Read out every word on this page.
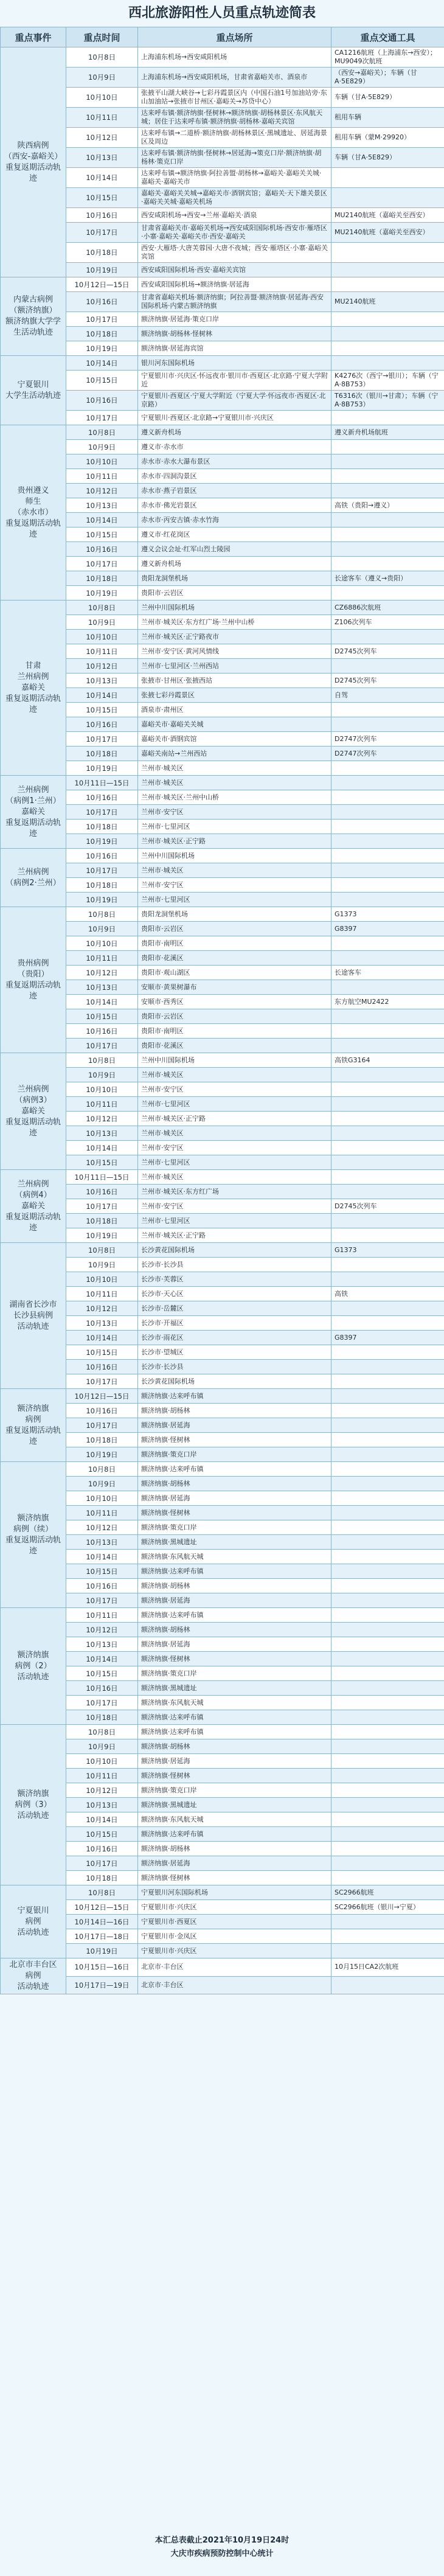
西北旅游阳性人员重点轨迹简表
重点事件	重点时间	重点场所	重点交通工具
陕西病例
（西安-嘉峪关）
重复返期活动轨迹	10月8日	上海浦东机场→西安咸阳机场	CA1216航班（上海浦东→西安）；MU9049次航班
	10月9日	上海浦东机场→西安咸阳机场，甘肃省嘉峪关市、酒泉市	（西安→嘉峪关）；车辆（甘A·5E829）
	10月10日	张掖平山湖大峡谷→七彩丹霞景区内（中国石油1号加油站旁·东山加油站→张掖市甘州区·嘉峪关→苏贷中心）	车辆（甘A·5E829）
	10月11日	达来呼布镇·额济纳旗·怪树林→额济纳旗·胡杨林景区·东风航天城；居住于达来呼布镇·额济纳旗·胡杨林·嘉峪关宾馆	租用车辆
	10月12日	达来呼布镇→二道桥·额济纳旗·胡杨林景区·黑城遗址、居延海景区及周边	租用车辆（蒙M·29920）
	10月13日	达来呼布镇·额济纳旗·怪树林→居延海→策克口岸·额济纳旗·胡杨林·策克口岸	车辆（甘A·5E829）
	10月14日	达来呼布镇→额济纳旗·阿拉善盟·胡杨林→嘉峪关·嘉峪关关城·嘉峪关·嘉峪关市	
	10月15日	嘉峪关·嘉峪关关城→嘉峪关市·酒钢宾馆；嘉峪关·天下雄关景区·嘉峪关关城·嘉峪关机场	
	10月16日	西安咸阳机场→西安→兰州·嘉峪关·酒泉	MU2140航班（嘉峪关至西安）
	10月17日	甘肃省嘉峪关市·嘉峪关机场→西安咸阳国际机场·西安市·雁塔区·小寨·嘉峪关·嘉峪关市·西安·嘉峪关	MU2140航班（嘉峪关至西安）
	10月18日	西安·大雁塔·大唐芙蓉园·大唐不夜城；西安·雁塔区·小寨·嘉峪关宾馆	
	10月19日	西安咸阳国际机场·西安·嘉峪关宾馆	
内蒙古病例
（额济纳旗）
额济纳旗大学学
生活动轨迹	10月12日—15日	西安咸阳国际机场→额济纳旗·居延海	
	10月16日	甘肃省嘉峪关机场·额济纳旗；阿拉善盟·额济纳旗·居延海·西安国际机场·内蒙古额济纳旗	MU2140航班
	10月17日	额济纳旗·居延海·策克口岸	
	10月18日	额济纳旗·胡杨林·怪树林	
	10月19日	额济纳旗·居延海宾馆	
宁夏银川
大学生活动轨迹	10月14日	银川河东国际机场	
	10月15日	宁夏银川市·兴庆区·怀远夜市·银川市·西夏区·北京路·宁夏大学附近	K4276次（西宁→银川）；车辆（宁A·8B753）
	10月16日	宁夏银川·西夏区·宁夏大学附近（宁夏大学·怀远夜市·西夏区·北京路）	T6316次（银川→甘肃）；车辆（宁A·8B753）
	10月17日	宁夏银川·西夏区·北京路→宁夏银川市·兴庆区	
贵州遵义
师生
（赤水市）
重复返期活动轨迹	10月8日	遵义新舟机场	遵义新舟机场航班
	10月9日	遵义市·赤水市	
	10月10日	赤水市·赤水大瀑布景区	
	10月11日	赤水市·四洞沟景区	
	10月12日	赤水市·燕子岩景区	
	10月13日	赤水市·佛光岩景区	高铁（贵阳→遵义）
	10月14日	赤水市·丙安古镇·赤水竹海	
	10月15日	遵义市·红花岗区	
	10月16日	遵义会议会址·红军山烈士陵园	
	10月17日	遵义新舟机场	
	10月18日	贵阳龙洞堡机场	长途客车（遵义→贵阳）
	10月19日	贵阳市·云岩区	
甘肃
兰州病例
嘉峪关
重复返期活动轨迹	10月8日	兰州中川国际机场	CZ6886次航班
	10月9日	兰州市·城关区·东方红广场·兰州中山桥	Z106次列车
	10月10日	兰州市·城关区·正宁路夜市	
	10月11日	兰州市·安宁区·黄河风情线	D2745次列车
	10月12日	兰州市·七里河区·兰州西站	
	10月13日	张掖市·甘州区·张掖西站	D2745次列车
	10月14日	张掖七彩丹霞景区	自驾
	10月15日	酒泉市·肃州区	
	10月16日	嘉峪关市·嘉峪关关城	
	10月17日	嘉峪关市·酒钢宾馆	D2747次列车
	10月18日	嘉峪关南站→兰州西站	D2747次列车
	10月19日	兰州市·城关区	
兰州病例
（病例1·兰州）
嘉峪关
重复返期活动轨迹	10月11日—15日	兰州市·城关区	
	10月16日	兰州市·城关区·兰州中山桥	
	10月17日	兰州市·安宁区	
	10月18日	兰州市·七里河区	
	10月19日	兰州市·城关区·正宁路	
兰州病例
（病例2·兰州）	10月16日	兰州中川国际机场	
	10月17日	兰州市·城关区	
	10月18日	兰州市·安宁区	
	10月19日	兰州市·七里河区	
贵州病例
（贵阳）
重复返期活动轨迹	10月8日	贵阳龙洞堡机场	G1373
	10月9日	贵阳市·云岩区	G8397
	10月10日	贵阳市·南明区	
	10月11日	贵阳市·花溪区	
	10月12日	贵阳市·观山湖区	长途客车
	10月13日	安顺市·黄果树瀑布	
	10月14日	安顺市·西秀区	东方航空MU2422
	10月15日	贵阳市·云岩区	
	10月16日	贵阳市·南明区	
	10月17日	贵阳市·花溪区	
兰州病例
（病例3）
嘉峪关
重复返期活动轨迹	10月8日	兰州中川国际机场	高铁G3164
	10月9日	兰州市·城关区	
	10月10日	兰州市·安宁区	
	10月11日	兰州市·七里河区	
	10月12日	兰州市·城关区·正宁路	
	10月13日	兰州市·城关区	
	10月14日	兰州市·安宁区	
	10月15日	兰州市·七里河区	
兰州病例
（病例4）
嘉峪关
重复返期活动轨迹	10月11日—15日	兰州市·城关区	
	10月16日	兰州市·城关区·东方红广场	
	10月17日	兰州市·安宁区	D2745次列车
	10月18日	兰州市·七里河区	
	10月19日	兰州市·城关区·正宁路	
湖南省长沙市
长沙县病例
活动轨迹	10月8日	长沙黄花国际机场	G1373
	10月9日	长沙市·长沙县	
	10月10日	长沙市·芙蓉区	
	10月11日	长沙市·天心区	高铁
	10月12日	长沙市·岳麓区	
	10月13日	长沙市·开福区	
	10月14日	长沙市·雨花区	G8397
	10月15日	长沙市·望城区	
	10月16日	长沙市·长沙县	
	10月17日	长沙黄花国际机场	
额济纳旗
病例
重复返期活动轨迹	10月12日—15日	额济纳旗·达来呼布镇	
	10月16日	额济纳旗·胡杨林	
	10月17日	额济纳旗·居延海	
	10月18日	额济纳旗·怪树林	
	10月19日	额济纳旗·策克口岸	
额济纳旗
病例（续）
重复返期活动轨迹	10月8日	额济纳旗·达来呼布镇	
	10月9日	额济纳旗·胡杨林	
	10月10日	额济纳旗·居延海	
	10月11日	额济纳旗·怪树林	
	10月12日	额济纳旗·策克口岸	
	10月13日	额济纳旗·黑城遗址	
	10月14日	额济纳旗·东风航天城	
	10月15日	额济纳旗·达来呼布镇	
	10月16日	额济纳旗·胡杨林	
	10月17日	额济纳旗·居延海	
额济纳旗
病例（2）
活动轨迹	10月11日	额济纳旗·达来呼布镇	
	10月12日	额济纳旗·胡杨林	
	10月13日	额济纳旗·居延海	
	10月14日	额济纳旗·怪树林	
	10月15日	额济纳旗·策克口岸	
	10月16日	额济纳旗·黑城遗址	
	10月17日	额济纳旗·东风航天城	
	10月18日	额济纳旗·达来呼布镇	
额济纳旗
病例（3）
活动轨迹	10月8日	额济纳旗·达来呼布镇	
	10月9日	额济纳旗·胡杨林	
	10月10日	额济纳旗·居延海	
	10月11日	额济纳旗·怪树林	
	10月12日	额济纳旗·策克口岸	
	10月13日	额济纳旗·黑城遗址	
	10月14日	额济纳旗·东风航天城	
	10月15日	额济纳旗·达来呼布镇	
	10月16日	额济纳旗·胡杨林	
	10月17日	额济纳旗·居延海	
	10月18日	额济纳旗·怪树林	
宁夏银川
病例
活动轨迹	10月8日	宁夏银川河东国际机场	SC2966航班
	10月12日—15日	宁夏银川市·兴庆区	SC2966航班（银川→宁夏）
	10月14日—16日	宁夏银川市·西夏区	
	10月17日—18日	宁夏银川市·金凤区	
	10月19日	宁夏银川市·兴庆区	
北京市丰台区
病例
活动轨迹	10月15日—16日	北京市·丰台区	10月15日CA2次航班
	10月17日—19日	北京市·丰台区	
本汇总表截止2021年10月19日24时
大庆市疾病预防控制中心统计
